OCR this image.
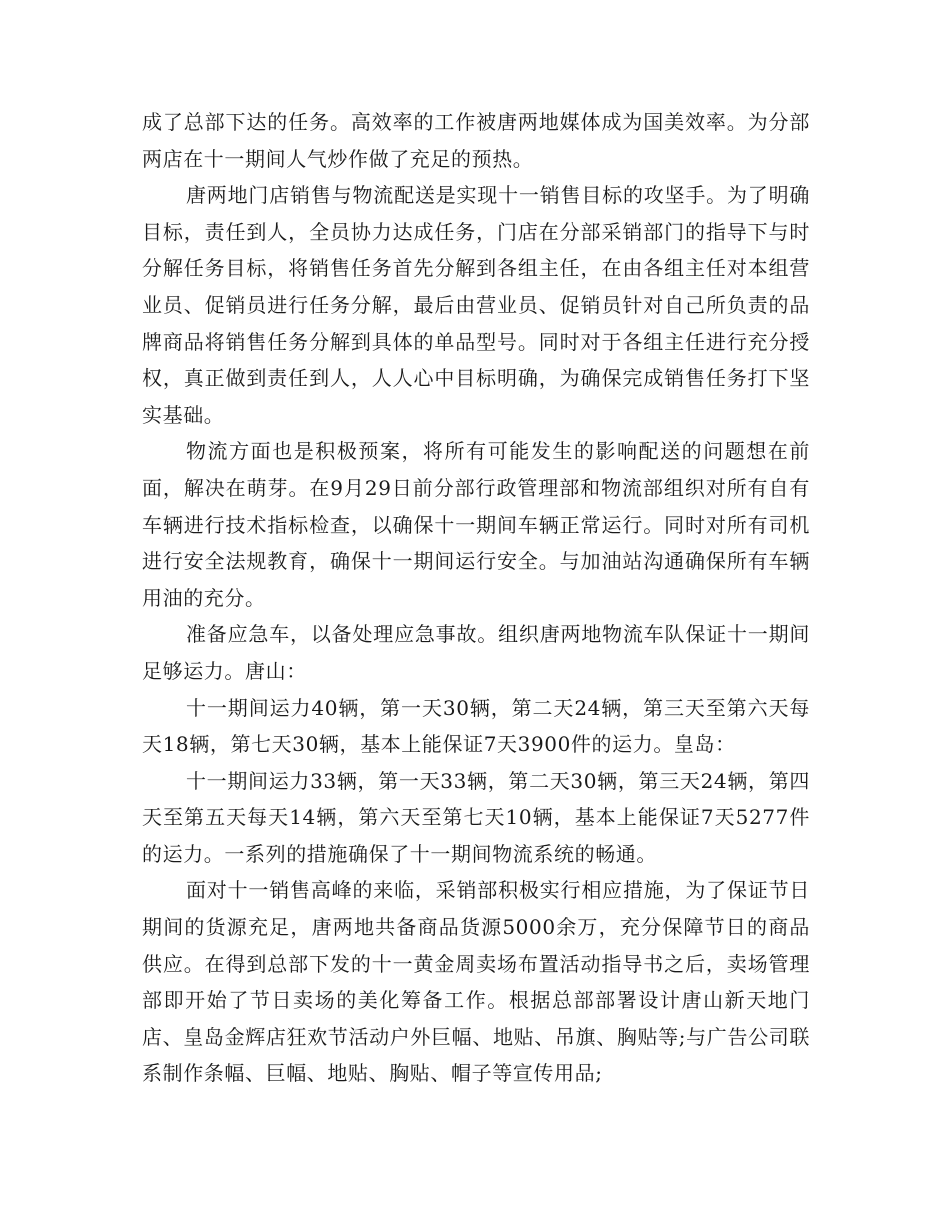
成了总部下达的任务。高效率的工作被唐两地媒体成为国美效率。为分部两店在十一期间人气炒作做了充足的预热。

唐两地门店销售与物流配送是实现十一销售目标的攻坚手。为了明确目标，责任到人，全员协力达成任务，门店在分部采销部门的指导下与时分解任务目标，将销售任务首先分解到各组主任，在由各组主任对本组营业员、促销员进行任务分解，最后由营业员、促销员针对自己所负责的品牌商品将销售任务分解到具体的单品型号。同时对于各组主任进行充分授权，真正做到责任到人，人人心中目标明确，为确保完成销售任务打下坚实基础。

物流方面也是积极预案，将所有可能发生的影响配送的问题想在前面，解决在萌芽。在9月29日前分部行政管理部和物流部组织对所有自有车辆进行技术指标检查，以确保十一期间车辆正常运行。同时对所有司机进行安全法规教育，确保十一期间运行安全。与加油站沟通确保所有车辆用油的充分。

准备应急车，以备处理应急事故。组织唐两地物流车队保证十一期间足够运力。唐山：

十一期间运力40辆，第一天30辆，第二天24辆，第三天至第六天每天18辆，第七天30辆，基本上能保证7天3900件的运力。皇岛：

十一期间运力33辆，第一天33辆，第二天30辆，第三天24辆，第四天至第五天每天14辆，第六天至第七天10辆，基本上能保证7天5277件的运力。一系列的措施确保了十一期间物流系统的畅通。

面对十一销售高峰的来临，采销部积极实行相应措施，为了保证节日期间的货源充足，唐两地共备商品货源5000余万，充分保障节日的商品供应。在得到总部下发的十一黄金周卖场布置活动指导书之后，卖场管理部即开始了节日卖场的美化筹备工作。根据总部部署设计唐山新天地门店、皇岛金辉店狂欢节活动户外巨幅、地贴、吊旗、胸贴等;与广告公司联系制作条幅、巨幅、地贴、胸贴、帽子等宣传用品;
